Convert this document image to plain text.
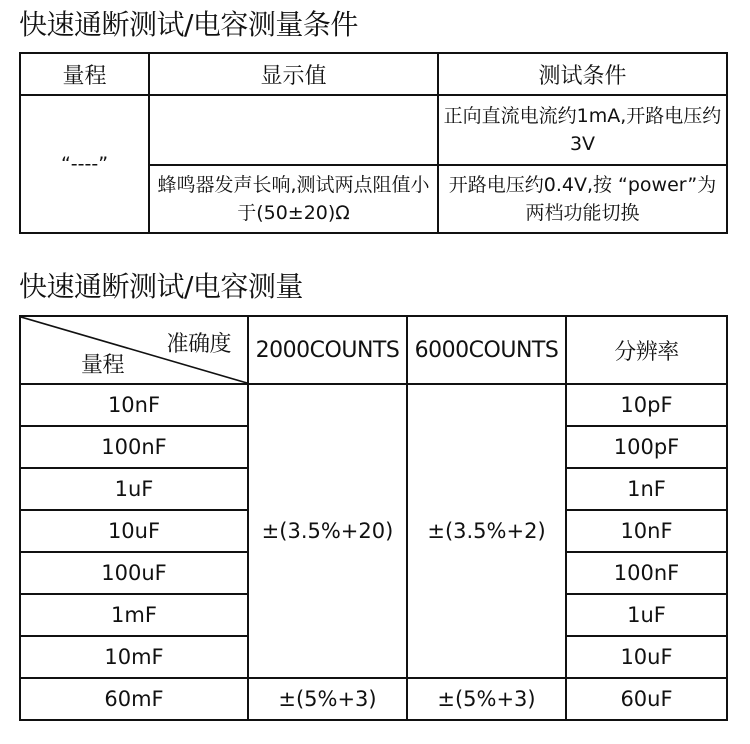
快速通断测试/电容测量条件
量程	显示值	测试条件
“----”		正向直流电流约1mA,开路电压约3V
	蜂鸣器发声长响,测试两点阻值小于(50±20)Ω	开路电压约0.4V,按 “power”为两档功能切换
快速通断测试/电容测量
准确度
量程	2000COUNTS	6000COUNTS	分辨率
10nF	±(3.5%+20)	±(3.5%+2)	10pF
100nF			100pF
1uF			1nF
10uF			10nF
100uF			100nF
1mF			1uF
10mF			10uF
60mF	±(5%+3)	±(5%+3)	60uF
